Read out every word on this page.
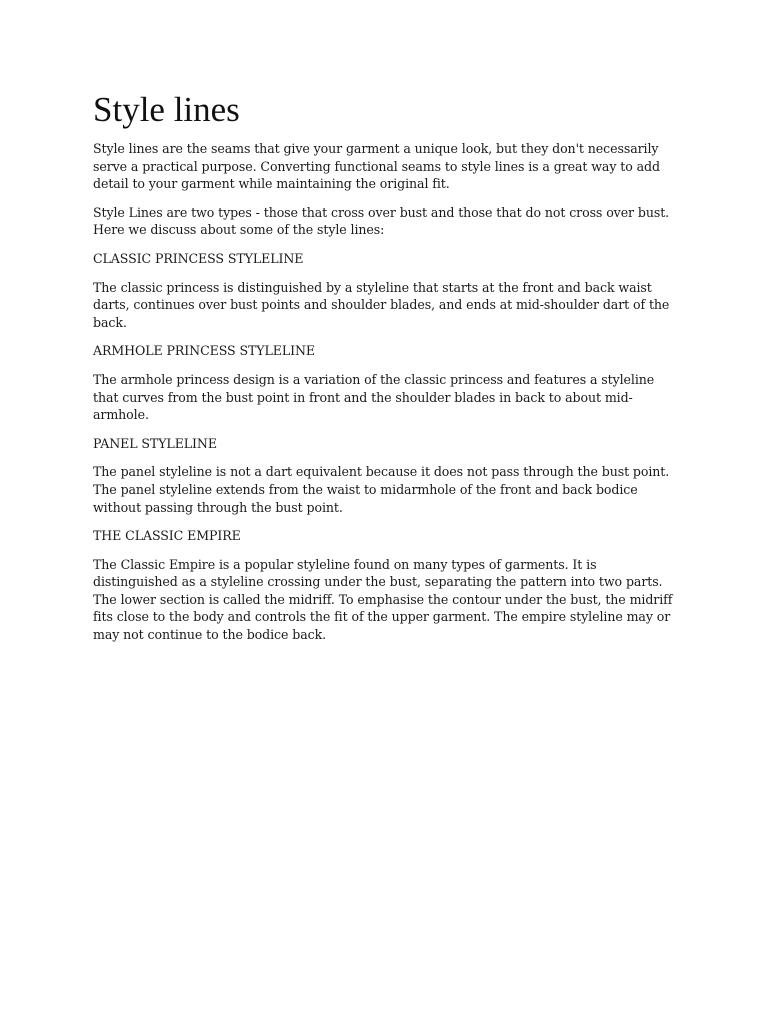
Style lines

Style lines are the seams that give your garment a unique look, but they don't necessarily serve a practical purpose. Converting functional seams to style lines is a great way to add detail to your garment while maintaining the original fit.

Style Lines are two types - those that cross over bust and those that do not cross over bust. Here we discuss about some of the style lines:

CLASSIC PRINCESS STYLELINE

The classic princess is distinguished by a styleline that starts at the front and back waist darts, continues over bust points and shoulder blades, and ends at mid-shoulder dart of the back.

ARMHOLE PRINCESS STYLELINE

The armhole princess design is a variation of the classic princess and features a styleline that curves from the bust point in front and the shoulder blades in back to about mid-armhole.

PANEL STYLELINE

The panel styleline is not a dart equivalent because it does not pass through the bust point. The panel styleline extends from the waist to midarmhole of the front and back bodice without passing through the bust point.

THE CLASSIC EMPIRE

The Classic Empire is a popular styleline found on many types of garments. It is distinguished as a styleline crossing under the bust, separating the pattern into two parts. The lower section is called the midriff. To emphasise the contour under the bust, the midriff fits close to the body and controls the fit of the upper garment. The empire styleline may or may not continue to the bodice back.
